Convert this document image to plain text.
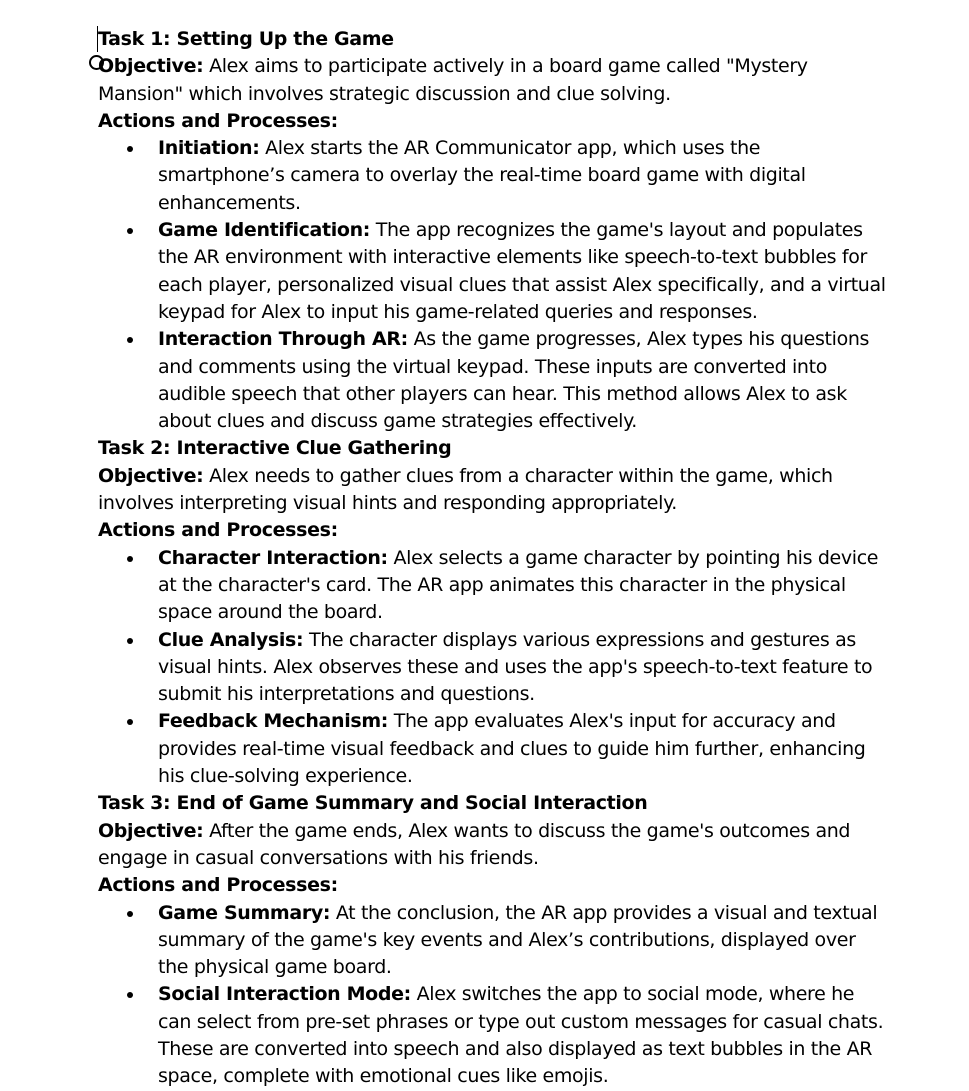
Task 1: Setting Up the Game

Objective: Alex aims to participate actively in a board game called "Mystery Mansion" which involves strategic discussion and clue solving.

Actions and Processes:

Initiation: Alex starts the AR Communicator app, which uses the smartphone’s camera to overlay the real-time board game with digital enhancements.
Game Identification: The app recognizes the game's layout and populates the AR environment with interactive elements like speech-to-text bubbles for each player, personalized visual clues that assist Alex specifically, and a virtual keypad for Alex to input his game-related queries and responses.
Interaction Through AR: As the game progresses, Alex types his questions and comments using the virtual keypad. These inputs are converted into audible speech that other players can hear. This method allows Alex to ask about clues and discuss game strategies effectively.

Task 2: Interactive Clue Gathering

Objective: Alex needs to gather clues from a character within the game, which involves interpreting visual hints and responding appropriately.

Actions and Processes:

Character Interaction: Alex selects a game character by pointing his device at the character's card. The AR app animates this character in the physical space around the board.
Clue Analysis: The character displays various expressions and gestures as visual hints. Alex observes these and uses the app's speech-to-text feature to submit his interpretations and questions.
Feedback Mechanism: The app evaluates Alex's input for accuracy and provides real-time visual feedback and clues to guide him further, enhancing his clue-solving experience.

Task 3: End of Game Summary and Social Interaction

Objective: After the game ends, Alex wants to discuss the game's outcomes and engage in casual conversations with his friends.

Actions and Processes:

Game Summary: At the conclusion, the AR app provides a visual and textual summary of the game's key events and Alex’s contributions, displayed over the physical game board.
Social Interaction Mode: Alex switches the app to social mode, where he can select from pre-set phrases or type out custom messages for casual chats. These are converted into speech and also displayed as text bubbles in the AR space, complete with emotional cues like emojis.
